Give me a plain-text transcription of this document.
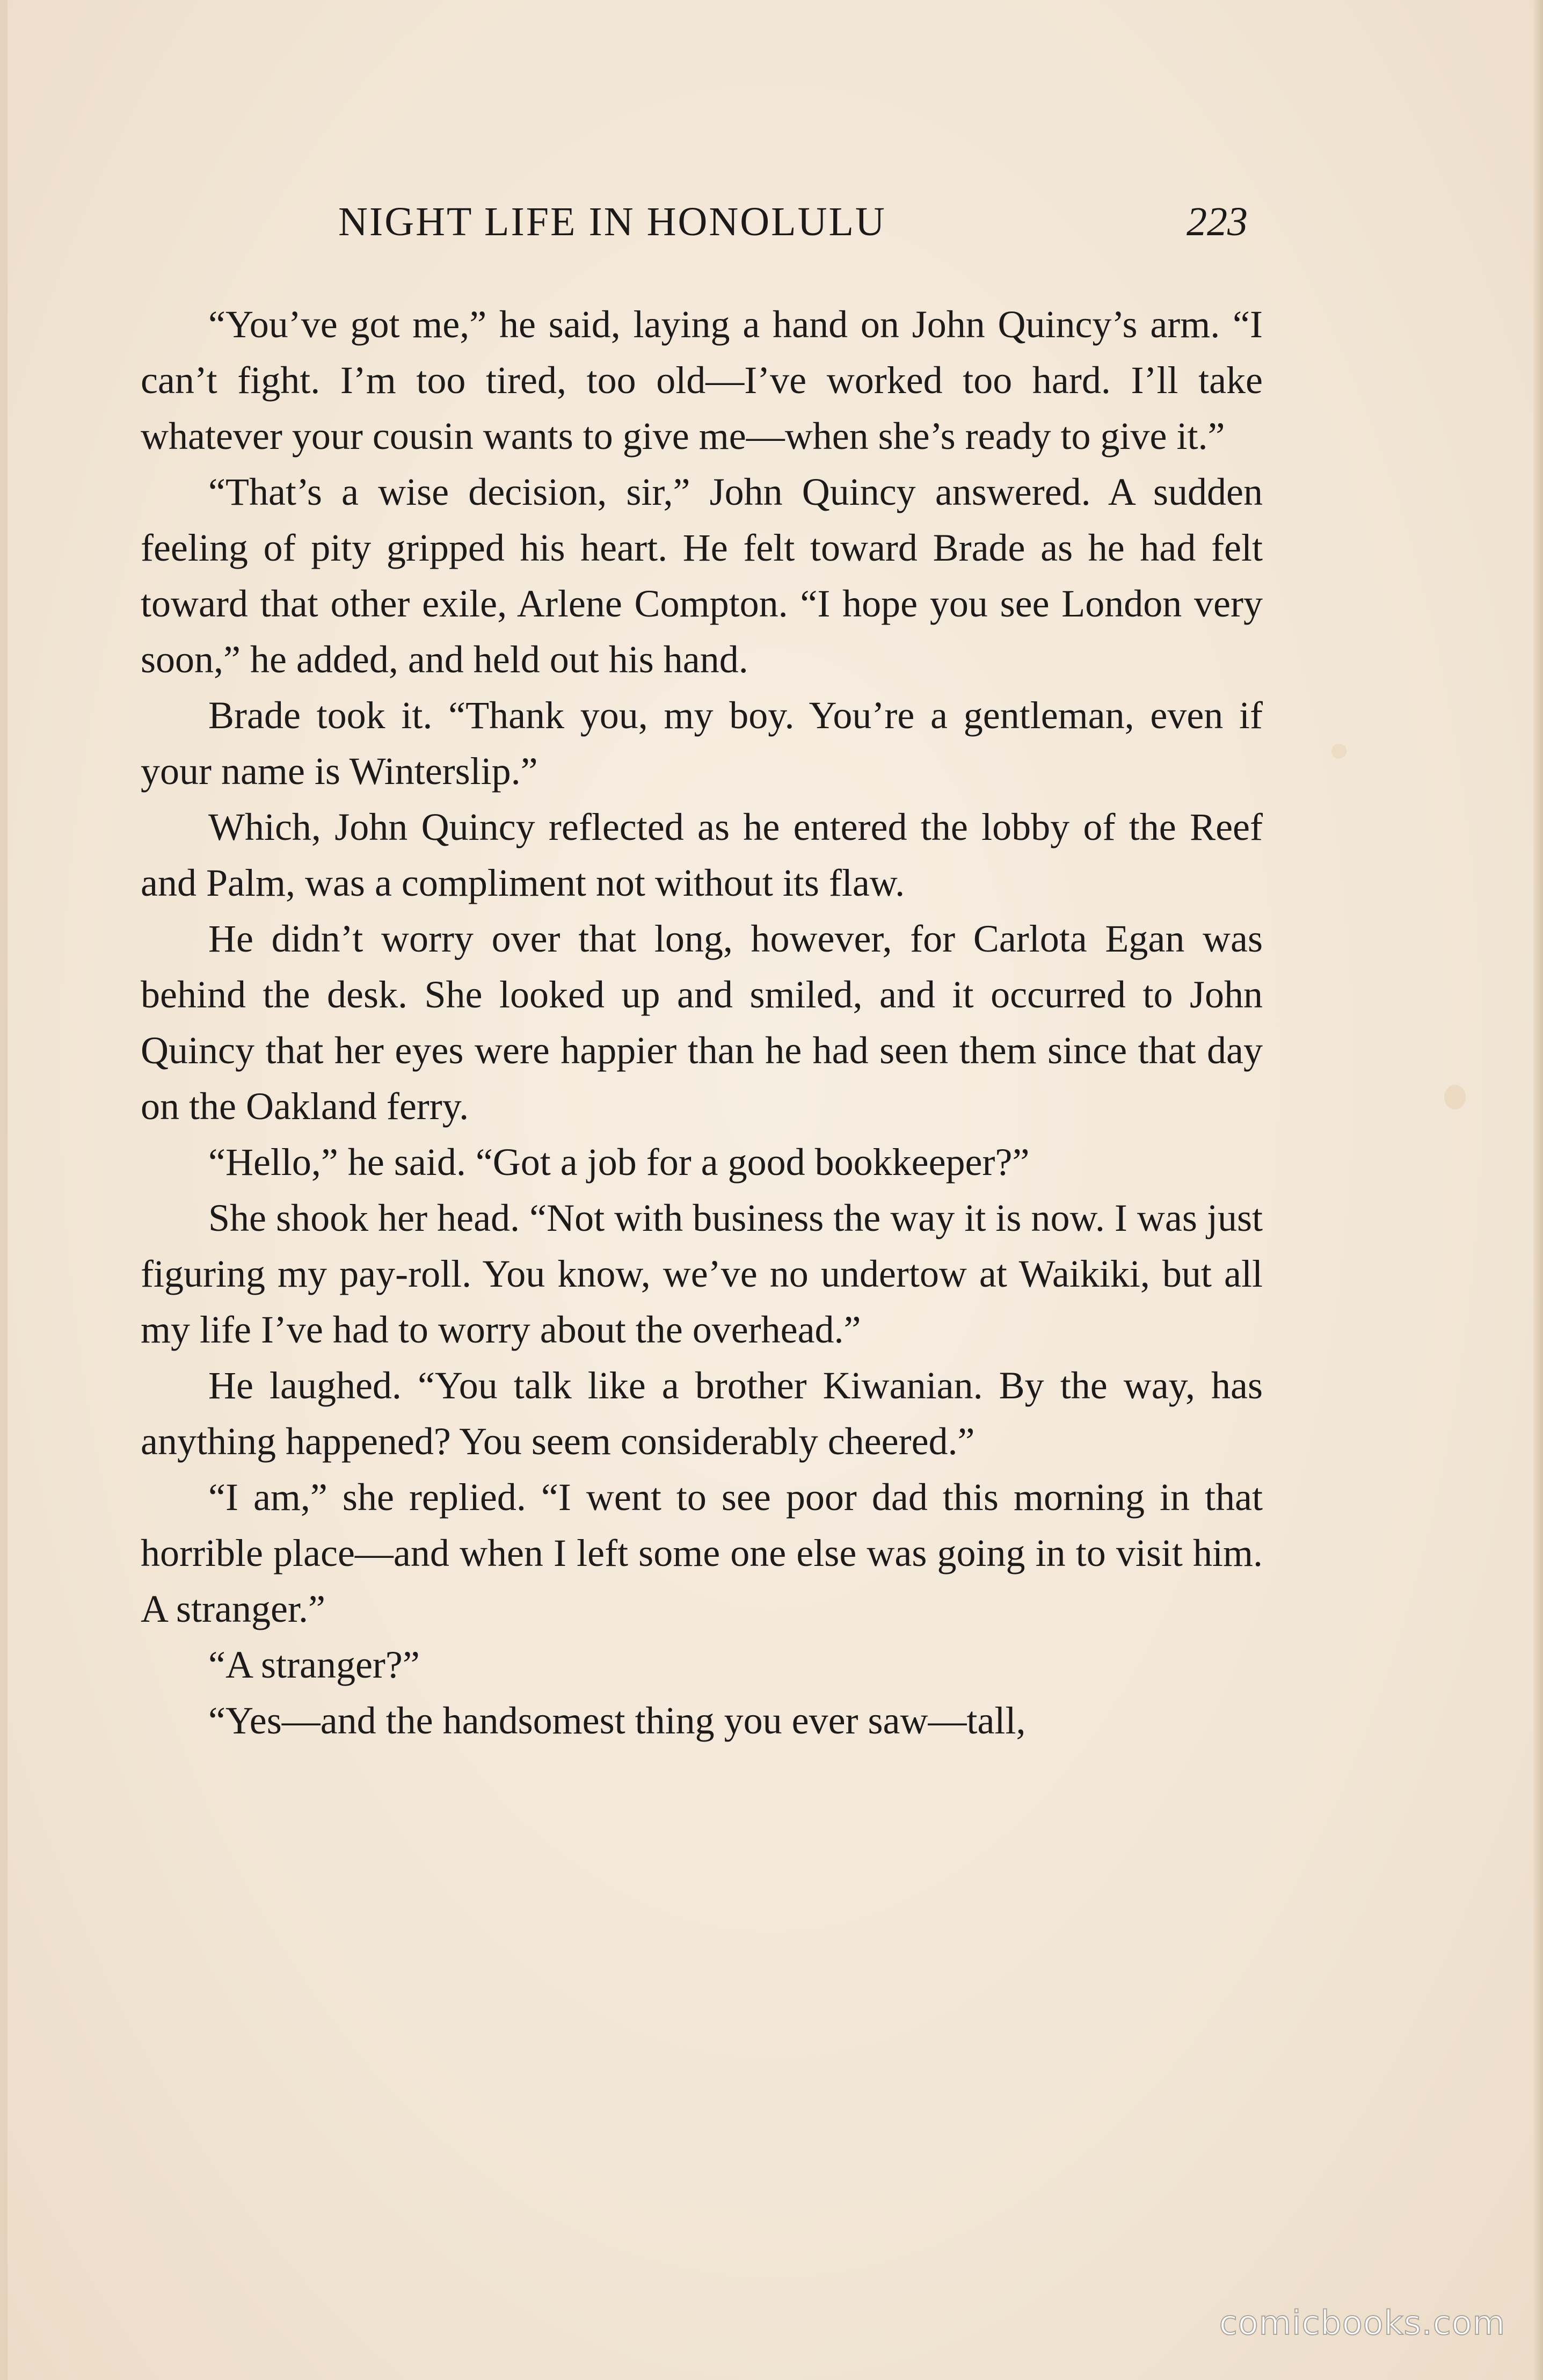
NIGHT LIFE IN HONOLULU	223

“You’ve got me,” he said, laying a hand on John Quincy’s arm. “I can’t fight. I’m too tired, too old—I’ve worked too hard. I’ll take whatever your cousin wants to give me—when she’s ready to give it.”

“That’s a wise decision, sir,” John Quincy answered. A sudden feeling of pity gripped his heart. He felt toward Brade as he had felt toward that other exile, Arlene Compton. “I hope you see London very soon,” he added, and held out his hand.

Brade took it. “Thank you, my boy. You’re a gentleman, even if your name is Winterslip.”

Which, John Quincy reflected as he entered the lobby of the Reef and Palm, was a compliment not without its flaw.

He didn’t worry over that long, however, for Carlota Egan was behind the desk. She looked up and smiled, and it occurred to John Quincy that her eyes were happier than he had seen them since that day on the Oakland ferry.

“Hello,” he said. “Got a job for a good bookkeeper?”

She shook her head. “Not with business the way it is now. I was just figuring my pay-roll. You know, we’ve no undertow at Waikiki, but all my life I’ve had to worry about the overhead.”

He laughed. “You talk like a brother Kiwanian. By the way, has anything happened? You seem considerably cheered.”

“I am,” she replied. “I went to see poor dad this morning in that horrible place—and when I left some one else was going in to visit him. A stranger.”

“A stranger?”

“Yes—and the handsomest thing you ever saw—tall,

comicbooks.com
